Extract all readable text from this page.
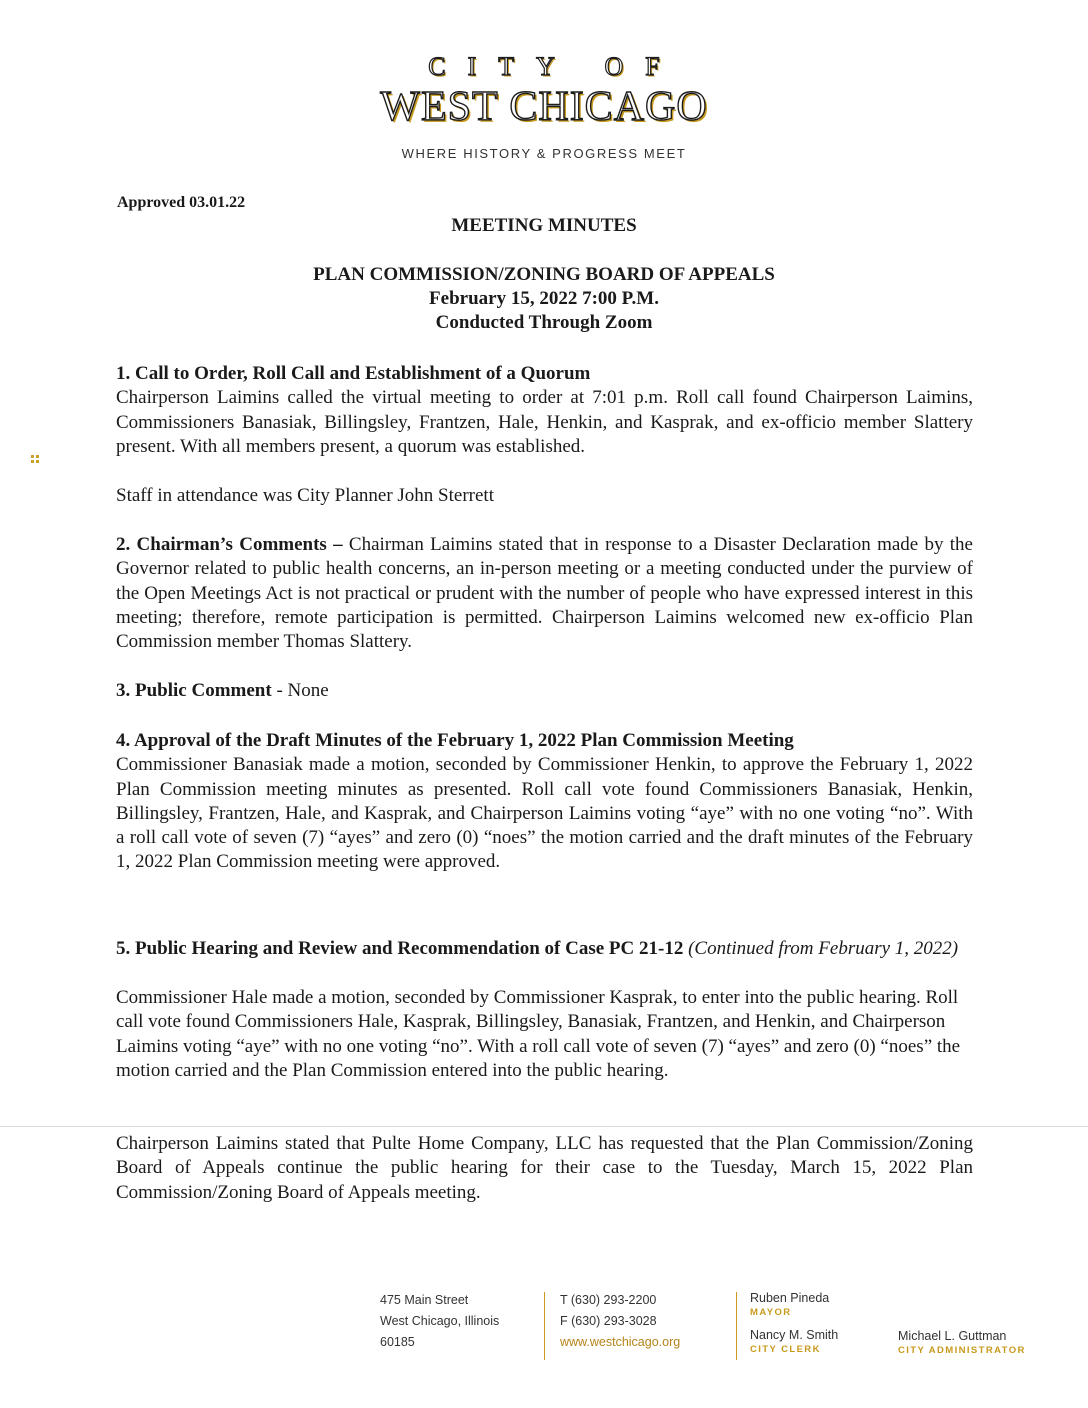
CITY OF
WEST CHICAGO
WHERE HISTORY & PROGRESS MEET
Approved 03.01.22
MEETING MINUTES
PLAN COMMISSION/ZONING BOARD OF APPEALS
February 15, 2022 7:00 P.M.
Conducted Through Zoom
1. Call to Order, Roll Call and Establishment of a Quorum
Chairperson Laimins called the virtual meeting to order at 7:01 p.m. Roll call found Chairperson Laimins, Commissioners Banasiak, Billingsley, Frantzen, Hale, Henkin, and Kasprak, and ex-officio member Slattery present. With all members present, a quorum was established.
Staff in attendance was City Planner John Sterrett
2. Chairman’s Comments – Chairman Laimins stated that in response to a Disaster Declaration made by the Governor related to public health concerns, an in-person meeting or a meeting conducted under the purview of the Open Meetings Act is not practical or prudent with the number of people who have expressed interest in this meeting; therefore, remote participation is permitted. Chairperson Laimins welcomed new ex-officio Plan Commission member Thomas Slattery.
3. Public Comment - None
4. Approval of the Draft Minutes of the February 1, 2022 Plan Commission Meeting
Commissioner Banasiak made a motion, seconded by Commissioner Henkin, to approve the February 1, 2022 Plan Commission meeting minutes as presented. Roll call vote found Commissioners Banasiak, Henkin, Billingsley, Frantzen, Hale, and Kasprak, and Chairperson Laimins voting “aye” with no one voting “no”. With a roll call vote of seven (7) “ayes” and zero (0) “noes” the motion carried and the draft minutes of the February 1, 2022 Plan Commission meeting were approved.
5. Public Hearing and Review and Recommendation of Case PC 21-12 (Continued from February 1, 2022)
Commissioner Hale made a motion, seconded by Commissioner Kasprak, to enter into the public hearing. Roll call vote found Commissioners Hale, Kasprak, Billingsley, Banasiak, Frantzen, and Henkin, and Chairperson Laimins voting “aye” with no one voting “no”. With a roll call vote of seven (7) “ayes” and zero (0) “noes” the motion carried and the Plan Commission entered into the public hearing.
Chairperson Laimins stated that Pulte Home Company, LLC has requested that the Plan Commission/Zoning Board of Appeals continue the public hearing for their case to the Tuesday, March 15, 2022 Plan Commission/Zoning Board of Appeals meeting.
475 Main Street
West Chicago, Illinois
60185
T (630) 293-2200
F (630) 293-3028
www.westchicago.org
Ruben Pineda
MAYOR
Nancy M. Smith
CITY CLERK
Michael L. Guttman
CITY ADMINISTRATOR
